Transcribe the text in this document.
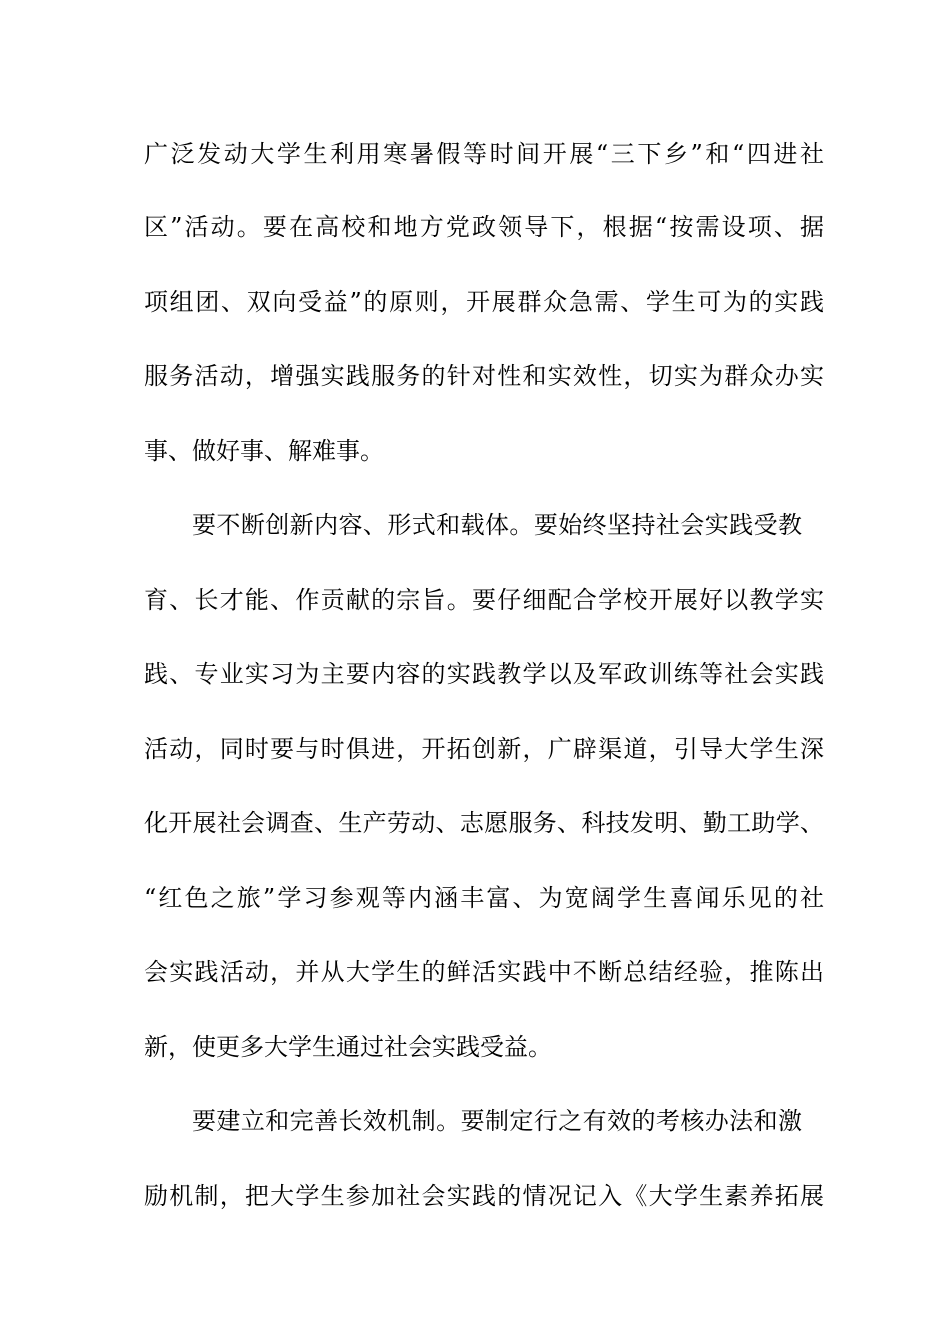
广泛发动大学生利用寒暑假等时间开展“三下乡”和“四进社
区”活动。要在高校和地方党政领导下，根据“按需设项、据
项组团、双向受益”的原则，开展群众急需、学生可为的实践
服务活动，增强实践服务的针对性和实效性，切实为群众办实
事、做好事、解难事。
要不断创新内容、形式和载体。要始终坚持社会实践受教
育、长才能、作贡献的宗旨。要仔细配合学校开展好以教学实
践、专业实习为主要内容的实践教学以及军政训练等社会实践
活动，同时要与时俱进，开拓创新，广辟渠道，引导大学生深
化开展社会调查、生产劳动、志愿服务、科技发明、勤工助学、
“红色之旅”学习参观等内涵丰富、为宽阔学生喜闻乐见的社
会实践活动，并从大学生的鲜活实践中不断总结经验，推陈出
新，使更多大学生通过社会实践受益。
要建立和完善长效机制。要制定行之有效的考核办法和激
励机制，把大学生参加社会实践的情况记入《大学生素养拓展
